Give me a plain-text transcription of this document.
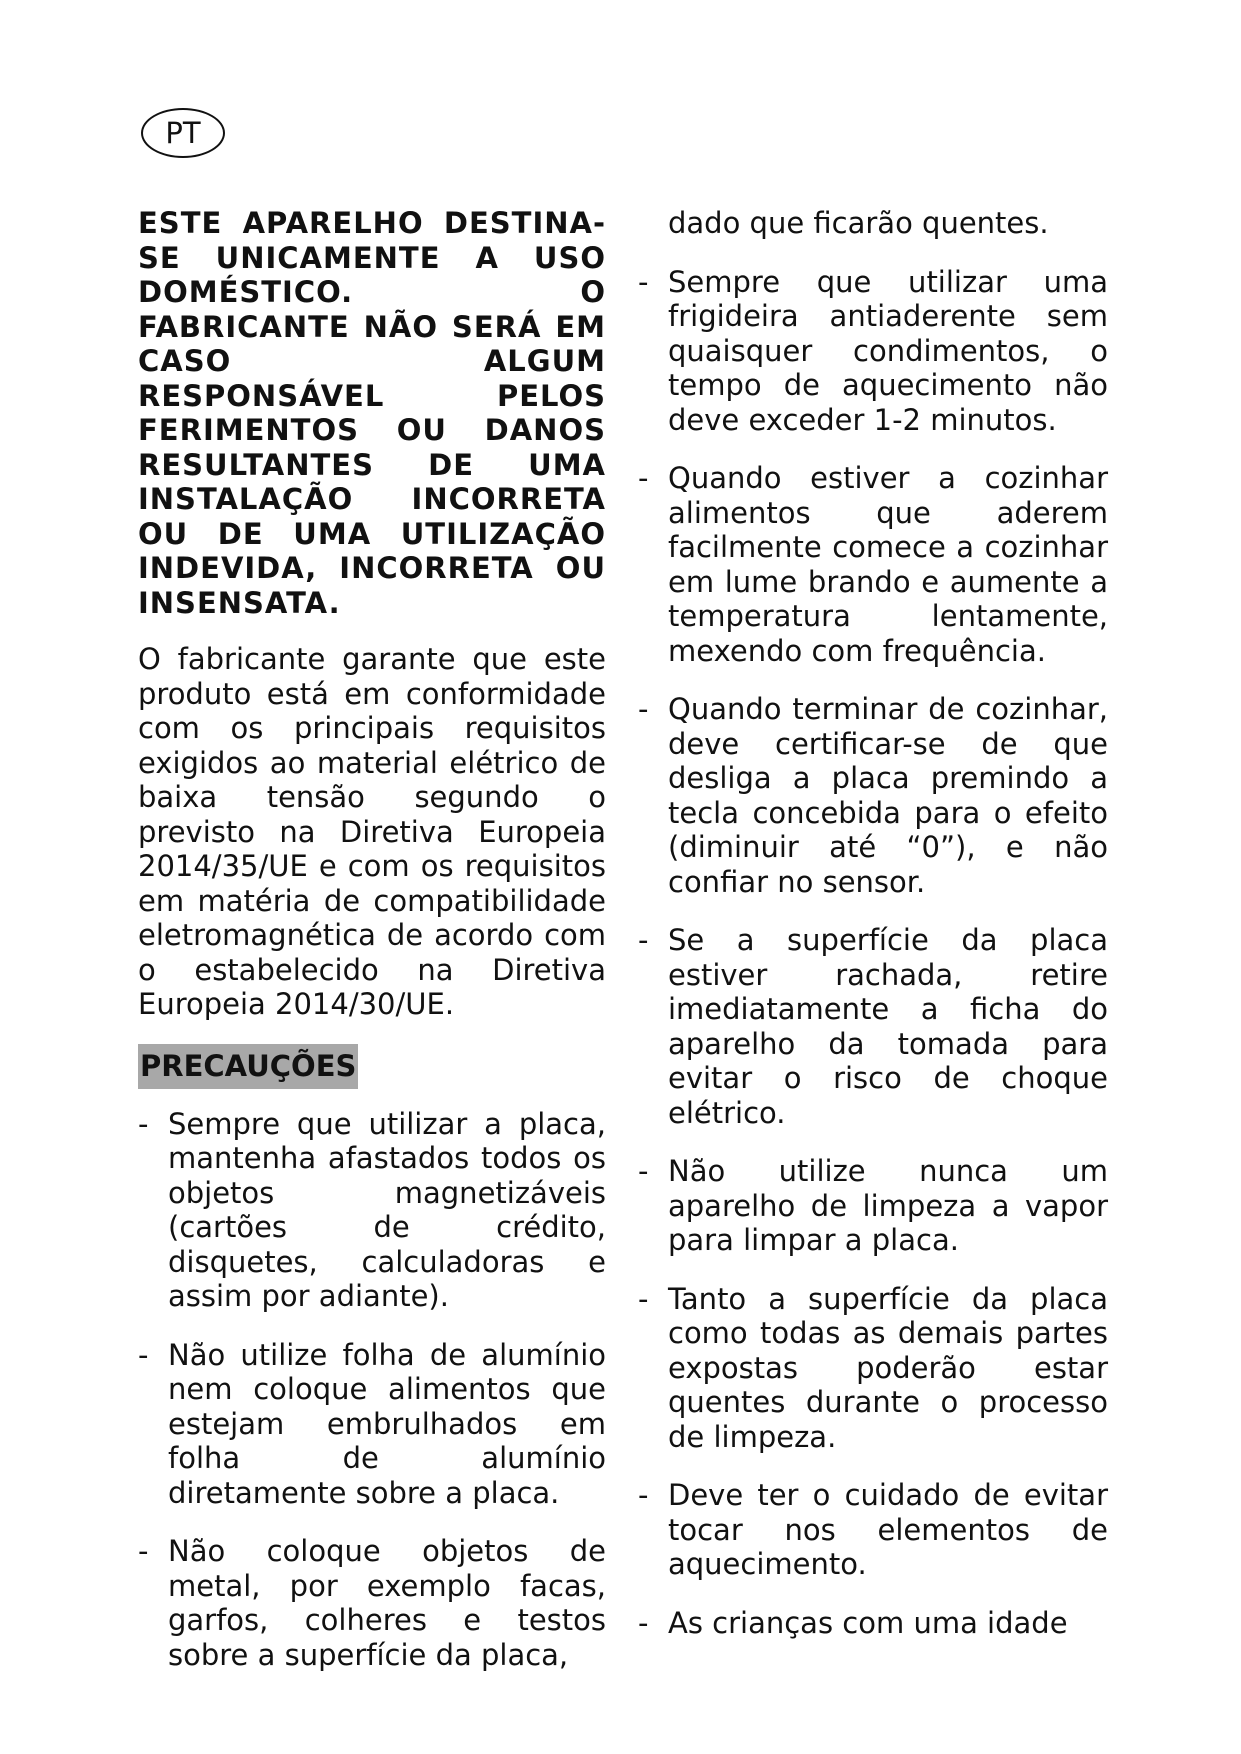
PT

ESTE APARELHO DESTINA-SE UNICAMENTE A USO DOMÉSTICO. O FABRICANTE NÃO SERÁ EM CASO ALGUM RESPONSÁVEL PELOS FERIMENTOS OU DANOS RESULTANTES DE UMA INSTALAÇÃO INCORRETA OU DE UMA UTILIZAÇÃO INDEVIDA, INCORRETA OU INSENSATA.

O fabricante garante que este produto está em conformidade com os principais requisitos exigidos ao material elétrico de baixa tensão segundo o previsto na Diretiva Europeia 2014/35/UE e com os requisitos em matéria de compatibilidade eletromagnética de acordo com o estabelecido na Diretiva Europeia 2014/30/UE.

PRECAUÇÕES
- Sempre que utilizar a placa, mantenha afastados todos os objetos magnetizáveis (cartões de crédito, disquetes, calculadoras e assim por adiante).
- Não utilize folha de alumínio nem coloque alimentos que estejam embrulhados em folha de alumínio diretamente sobre a placa.
- Não coloque objetos de metal, por exemplo facas, garfos, colheres e testos sobre a superfície da placa,
dado que ficarão quentes.
- Sempre que utilizar uma frigideira antiaderente sem quaisquer condimentos, o tempo de aquecimento não deve exceder 1-2 minutos.
- Quando estiver a cozinhar alimentos que aderem facilmente comece a cozinhar em lume brando e aumente a temperatura lentamente, mexendo com frequência.
- Quando terminar de cozinhar, deve certificar-se de que desliga a placa premindo a tecla concebida para o efeito (diminuir até “0”), e não confiar no sensor.
- Se a superfície da placa estiver rachada, retire imediatamente a ficha do aparelho da tomada para evitar o risco de choque elétrico.
- Não utilize nunca um aparelho de limpeza a vapor para limpar a placa.
- Tanto a superfície da placa como todas as demais partes expostas poderão estar quentes durante o processo de limpeza.
- Deve ter o cuidado de evitar tocar nos elementos de aquecimento.
- As crianças com uma idade
